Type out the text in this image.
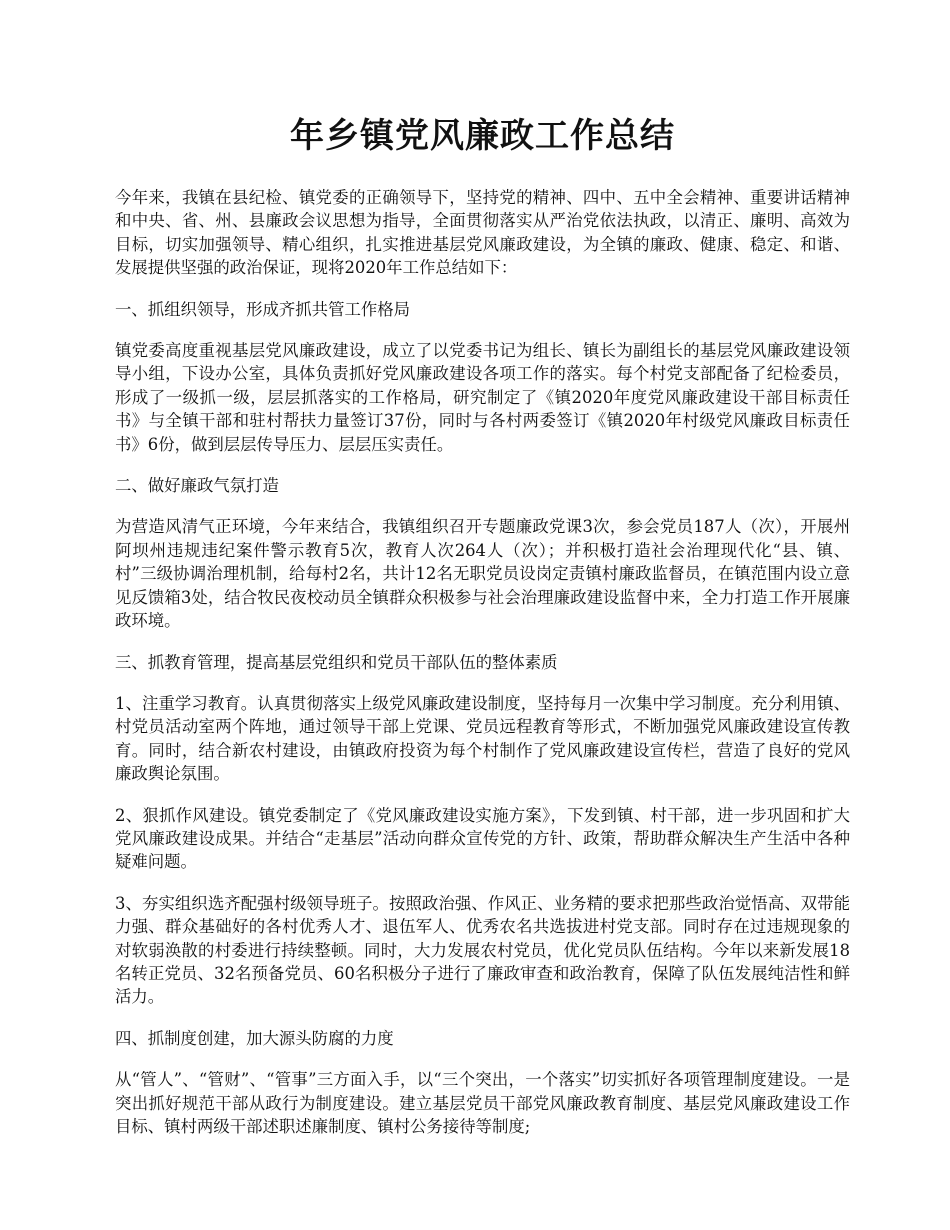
年乡镇党风廉政工作总结

今年来，我镇在县纪检、镇党委的正确领导下，坚持党的精神、四中、五中全会精神、重要讲话精神和中央、省、州、县廉政会议思想为指导，全面贯彻落实从严治党依法执政，以清正、廉明、高效为目标，切实加强领导、精心组织，扎实推进基层党风廉政建设，为全镇的廉政、健康、稳定、和谐、发展提供坚强的政治保证，现将2020年工作总结如下：

一、抓组织领导，形成齐抓共管工作格局

镇党委高度重视基层党风廉政建设，成立了以党委书记为组长、镇长为副组长的基层党风廉政建设领导小组，下设办公室，具体负责抓好党风廉政建设各项工作的落实。每个村党支部配备了纪检委员，形成了一级抓一级，层层抓落实的工作格局，研究制定了《镇2020年度党风廉政建设干部目标责任书》与全镇干部和驻村帮扶力量签订37份，同时与各村两委签订《镇2020年村级党风廉政目标责任书》6份，做到层层传导压力、层层压实责任。

二、做好廉政气氛打造

为营造风清气正环境，今年来结合，我镇组织召开专题廉政党课3次，参会党员187人（次），开展州阿坝州违规违纪案件警示教育5次，教育人次264人（次）；并积极打造社会治理现代化“县、镇、村”三级协调治理机制，给每村2名，共计12名无职党员设岗定责镇村廉政监督员，在镇范围内设立意见反馈箱3处，结合牧民夜校动员全镇群众积极参与社会治理廉政建设监督中来，全力打造工作开展廉政环境。

三、抓教育管理，提高基层党组织和党员干部队伍的整体素质

1、注重学习教育。认真贯彻落实上级党风廉政建设制度，坚持每月一次集中学习制度。充分利用镇、村党员活动室两个阵地，通过领导干部上党课、党员远程教育等形式，不断加强党风廉政建设宣传教育。同时，结合新农村建设，由镇政府投资为每个村制作了党风廉政建设宣传栏，营造了良好的党风廉政舆论氛围。

2、狠抓作风建设。镇党委制定了《党风廉政建设实施方案》，下发到镇、村干部，进一步巩固和扩大党风廉政建设成果。并结合“走基层”活动向群众宣传党的方针、政策，帮助群众解决生产生活中各种疑难问题。

3、夯实组织选齐配强村级领导班子。按照政治强、作风正、业务精的要求把那些政治觉悟高、双带能力强、群众基础好的各村优秀人才、退伍军人、优秀农名共选拔进村党支部。同时存在过违规现象的对软弱涣散的村委进行持续整顿。同时，大力发展农村党员，优化党员队伍结构。今年以来新发展18名转正党员、32名预备党员、60名积极分子进行了廉政审查和政治教育，保障了队伍发展纯洁性和鲜活力。

四、抓制度创建，加大源头防腐的力度

从“管人”、“管财”、“管事”三方面入手，以“三个突出，一个落实”切实抓好各项管理制度建设。一是突出抓好规范干部从政行为制度建设。建立基层党员干部党风廉政教育制度、基层党风廉政建设工作目标、镇村两级干部述职述廉制度、镇村公务接待等制度;
